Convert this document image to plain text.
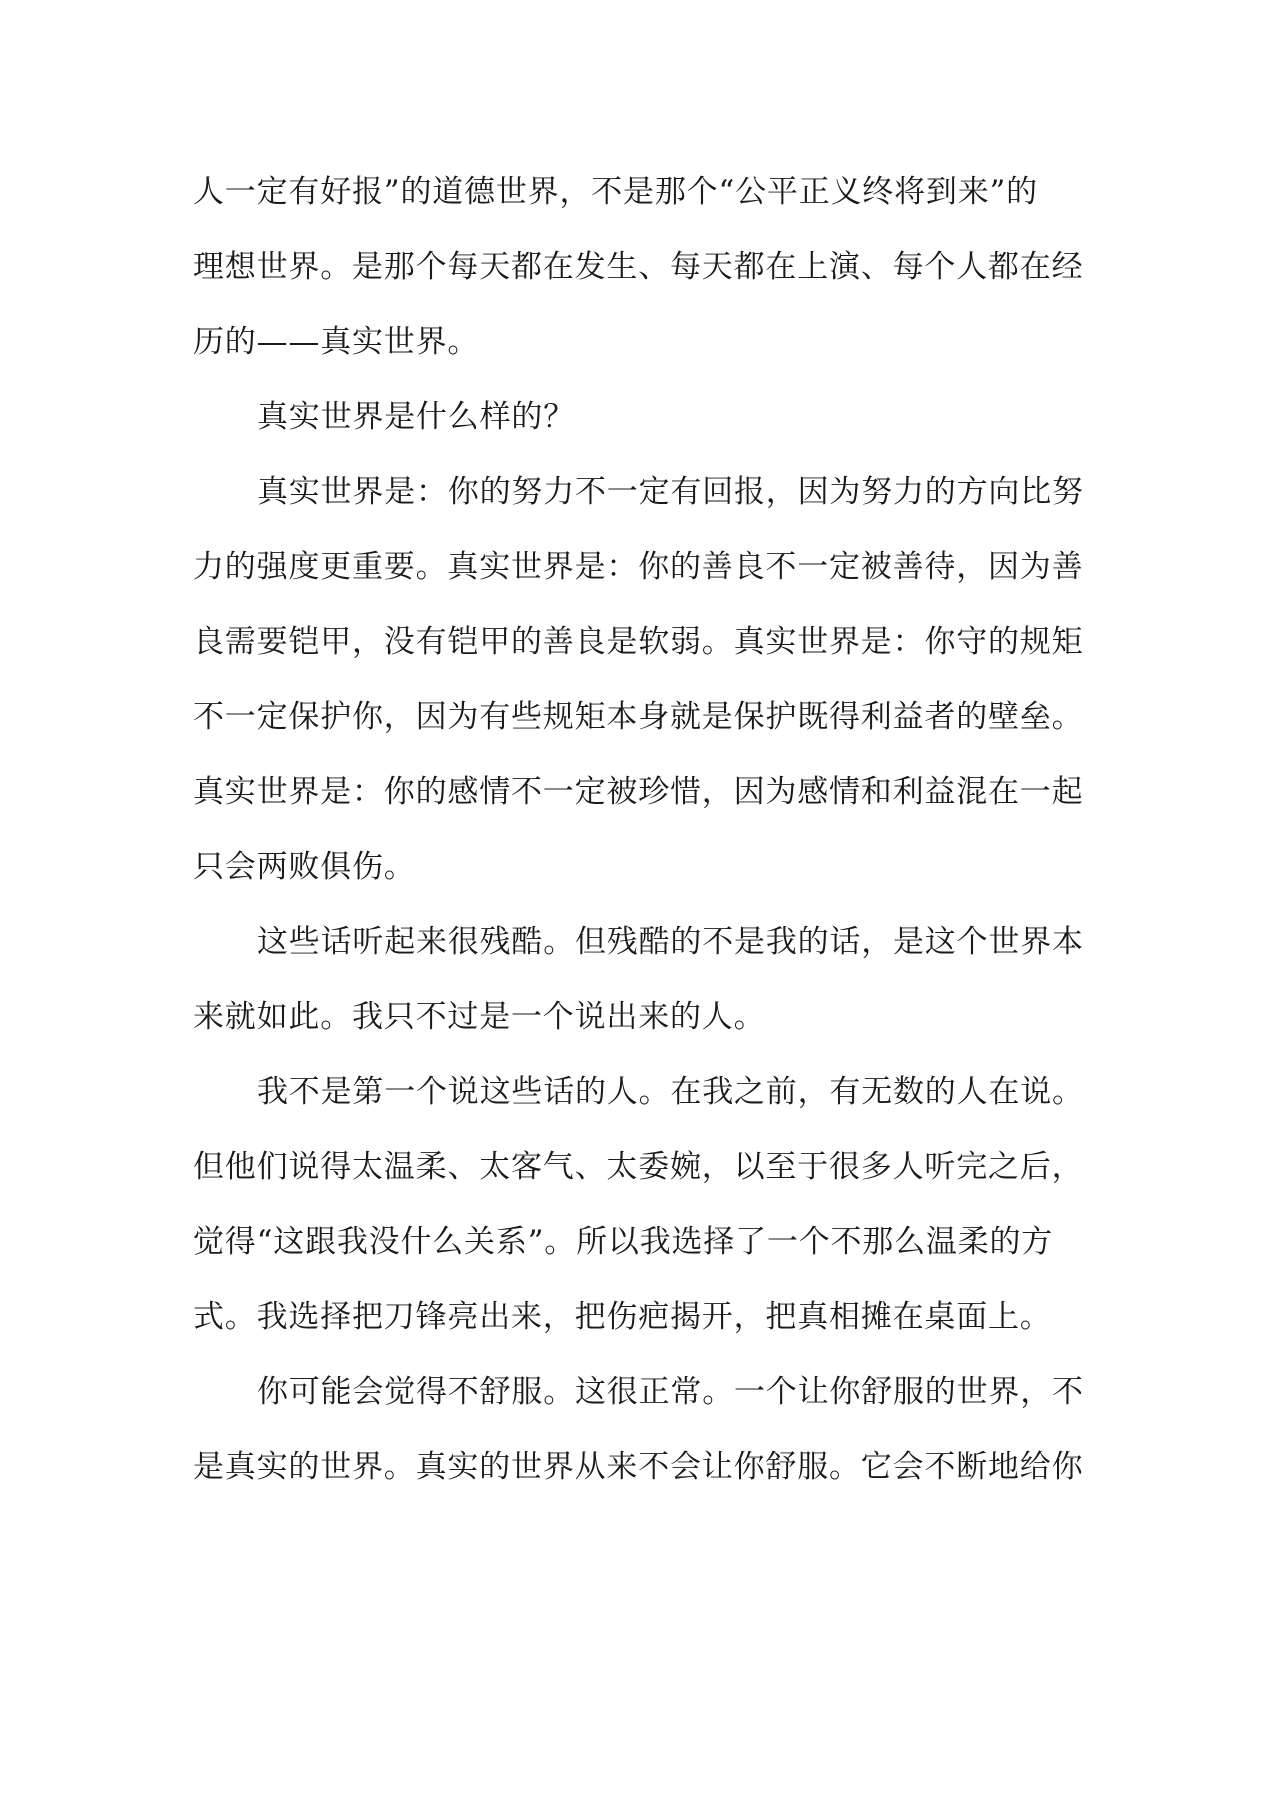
人一定有好报”的道德世界，不是那个“公平正义终将到来”的
理想世界。是那个每天都在发生、每天都在上演、每个人都在经
历的——真实世界。
真实世界是什么样的？
真实世界是：你的努力不一定有回报，因为努力的方向比努
力的强度更重要。真实世界是：你的善良不一定被善待，因为善
良需要铠甲，没有铠甲的善良是软弱。真实世界是：你守的规矩
不一定保护你，因为有些规矩本身就是保护既得利益者的壁垒。
真实世界是：你的感情不一定被珍惜，因为感情和利益混在一起
只会两败俱伤。
这些话听起来很残酷。但残酷的不是我的话，是这个世界本
来就如此。我只不过是一个说出来的人。
我不是第一个说这些话的人。在我之前，有无数的人在说。
但他们说得太温柔、太客气、太委婉，以至于很多人听完之后，
觉得“这跟我没什么关系”。所以我选择了一个不那么温柔的方
式。我选择把刀锋亮出来，把伤疤揭开，把真相摊在桌面上。
你可能会觉得不舒服。这很正常。一个让你舒服的世界，不
是真实的世界。真实的世界从来不会让你舒服。它会不断地给你
